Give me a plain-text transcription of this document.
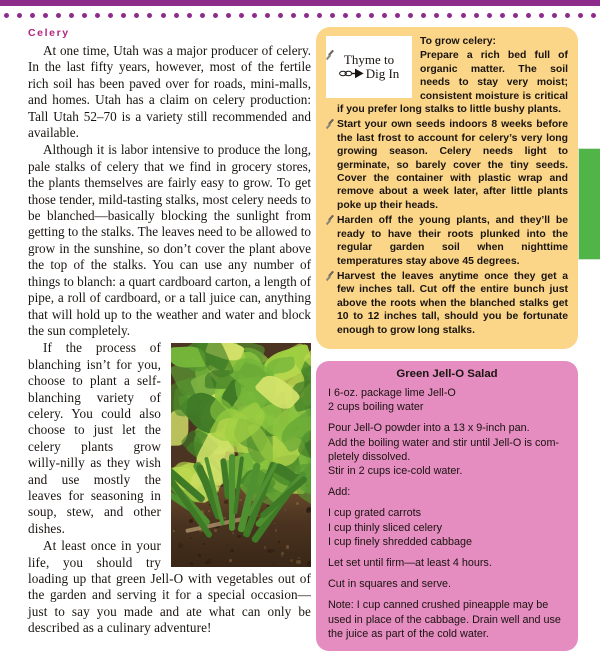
Celery

At one time, Utah was a major producer of celery. In the last fifty years, however, most of the fertile rich soil has been paved over for roads, mini-malls, and homes. Utah has a claim on celery production: Tall Utah 52–70 is a variety still recommended and available.

Although it is labor intensive to produce the long, pale stalks of celery that we find in grocery stores, the plants themselves are fairly easy to grow. To get those tender, mild-tasting stalks, most celery needs to be blanched—basically blocking the sunlight from getting to the stalks. The leaves need to be allowed to grow in the sunshine, so don’t cover the plant above the top of the stalks. You can use any number of things to blanch: a quart cardboard carton, a length of pipe, a roll of cardboard, or a tall juice can, anything that will hold up to the weather and water and block the sun completely.

If the process of blanching isn’t for you, choose to plant a self-blanching variety of celery. You could also choose to just let the celery plants grow willy-nilly as they wish and use mostly the leaves for seasoning in soup, stew, and other dishes.

At least once in your life, you should try loading up that green Jell-O with vegetables out of the garden and serving it for a special occasion—just to say you made and ate what can only be described as a culinary adventure!

Thyme to
Dig In

To grow celery:

Prepare a rich bed full of organic matter. The soil needs to stay very moist; consistent moisture is critical if you prefer long stalks to little bushy plants.

Start your own seeds indoors 8 weeks before the last frost to account for celery’s very long growing season. Celery needs light to germinate, so barely cover the tiny seeds. Cover the container with plastic wrap and remove about a week later, after little plants poke up their heads.

Harden off the young plants, and they’ll be ready to have their roots plunked into the regular garden soil when nighttime temperatures stay above 45 degrees.

Harvest the leaves anytime once they get a few inches tall. Cut off the entire bunch just above the roots when the blanched stalks get 10 to 12 inches tall, should you be fortunate enough to grow long stalks.

Green Jell-O Salad

I 6-oz. package lime Jell-O

2 cups boiling water

Pour Jell-O powder into a 13 x 9-inch pan.

Add the boiling water and stir until Jell-O is com-

pletely dissolved.

Stir in 2 cups ice-cold water.

Add:

I cup grated carrots

I cup thinly sliced celery

I cup finely shredded cabbage

Let set until firm—at least 4 hours.

Cut in squares and serve.

Note: I cup canned crushed pineapple may be used in place of the cabbage. Drain well and use the juice as part of the cold water.
